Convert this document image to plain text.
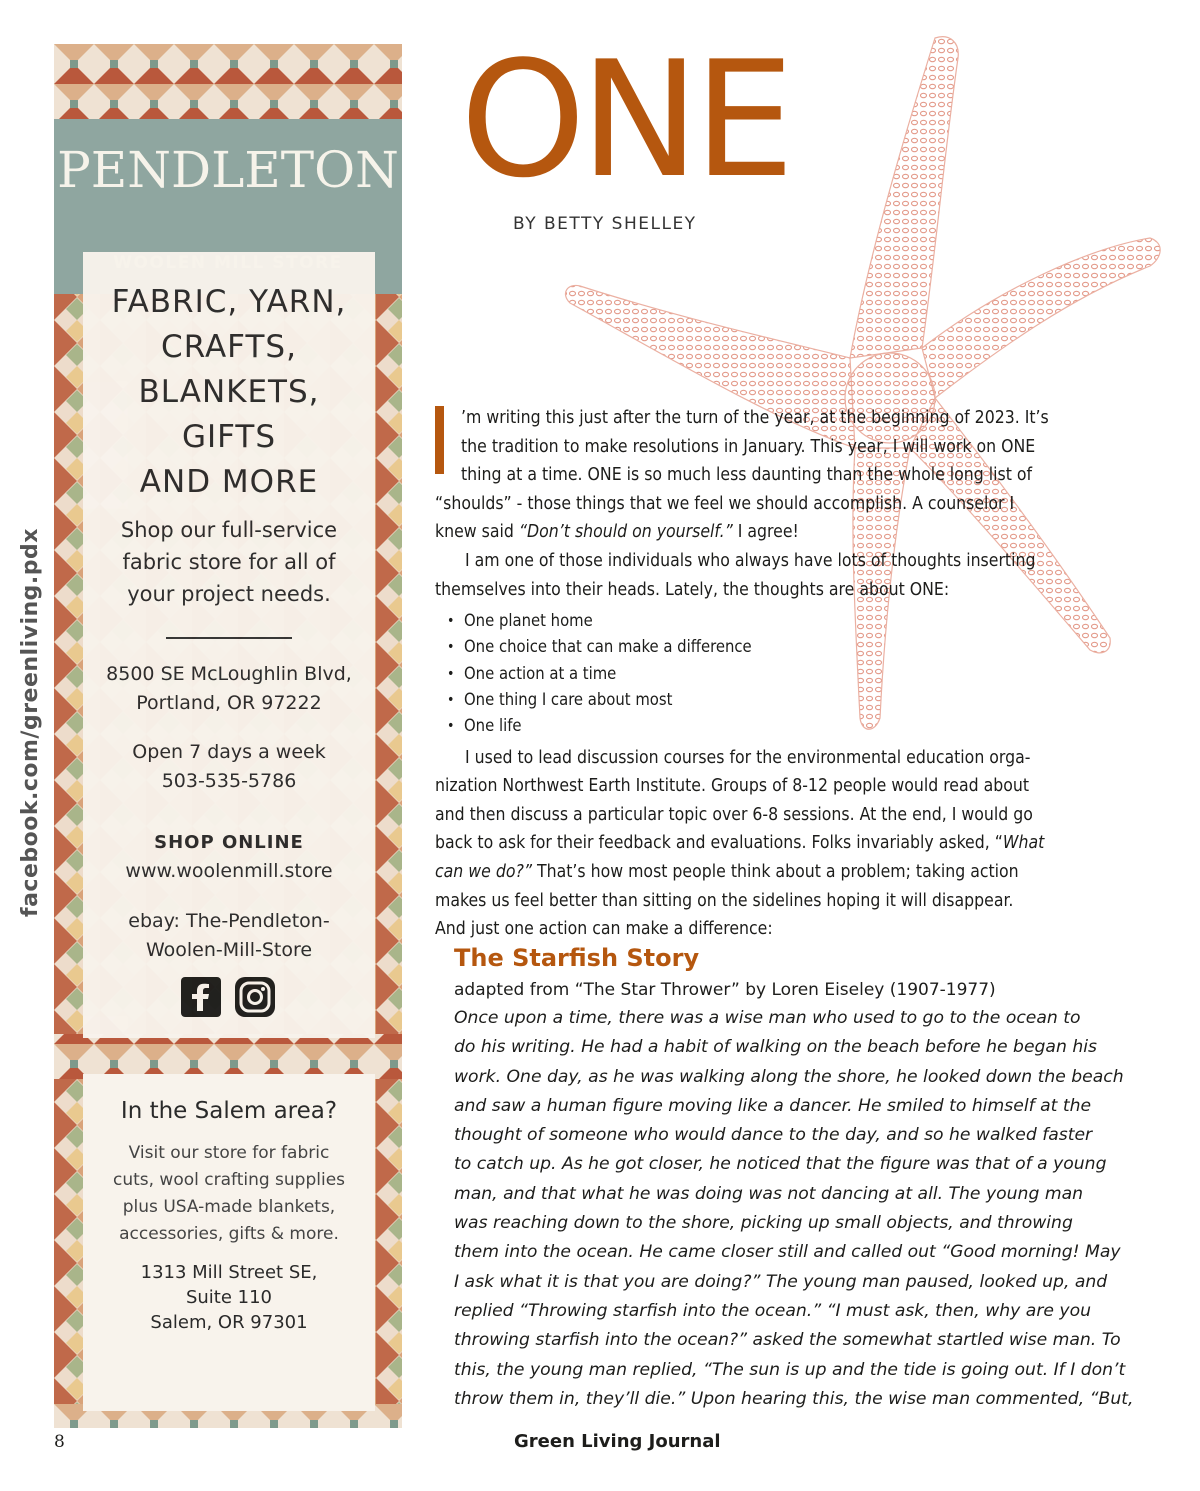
facebook.com/greenliving.pdx
PENDLETON
FABRIC, YARN,
CRAFTS,
BLANKETS,
GIFTS
AND MORE
Shop our full-service
fabric store for all of
your project needs.
8500 SE McLoughlin Blvd,
Portland, OR 97222
Open 7 days a week
503-535-5786
SHOP ONLINE
www.woolenmill.store
ebay: The-Pendleton-
Woolen-Mill-Store
In the Salem area?
Visit our store for fabric
cuts, wool crafting supplies
plus USA-made blankets,
accessories, gifts & more.
1313 Mill Street SE,
Suite 110
Salem, OR 97301
ONE
BY BETTY SHELLEY

’m writing this just after the turn of the year, at the beginning of 2023. It’s

the tradition to make resolutions in January. This year, I will work on ONE

thing at a time. ONE is so much less daunting than the whole long list of

“shoulds” - those things that we feel we should accomplish. A counselor I

knew said “Don’t should on yourself.” I agree!

I am one of those individuals who always have lots of thoughts inserting

themselves into their heads. Lately, the thoughts are about ONE:

• One planet home
• One choice that can make a difference
• One action at a time
• One thing I care about most
• One life

I used to lead discussion courses for the environmental education orga-

nization Northwest Earth Institute. Groups of 8-12 people would read about

and then discuss a particular topic over 6-8 sessions. At the end, I would go

back to ask for their feedback and evaluations. Folks invariably asked, “What

can we do?” That’s how most people think about a problem; taking action

makes us feel better than sitting on the sidelines hoping it will disappear.

And just one action can make a difference:

The Starfish Story
adapted from “The Star Thrower” by Loren Eiseley (1907-1977)
Once upon a time, there was a wise man who used to go to the ocean to
do his writing. He had a habit of walking on the beach before he began his
work. One day, as he was walking along the shore, he looked down the beach
and saw a human figure moving like a dancer. He smiled to himself at the
thought of someone who would dance to the day, and so he walked faster
to catch up. As he got closer, he noticed that the figure was that of a young
man, and that what he was doing was not dancing at all. The young man
was reaching down to the shore, picking up small objects, and throwing
them into the ocean. He came closer still and called out “Good morning! May
I ask what it is that you are doing?” The young man paused, looked up, and
replied “Throwing starfish into the ocean.” “I must ask, then, why are you
throwing starfish into the ocean?” asked the somewhat startled wise man. To
this, the young man replied, “The sun is up and the tide is going out. If I don’t
throw them in, they’ll die.” Upon hearing this, the wise man commented, “But,
8	Green Living Journal
